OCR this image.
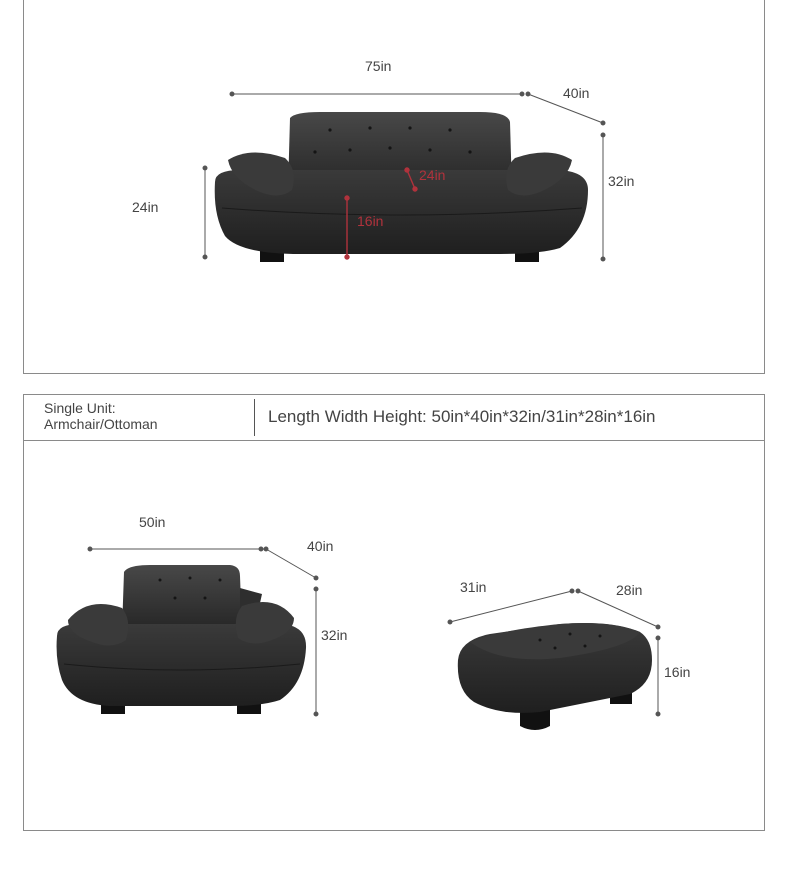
Single Unit:
Armchair/Ottoman	Length Width Height: 50in*40in*32in/31in*28in*16in
75in
40in
32in
24in
24in
16in
50in
40in
32in
31in	28in
16in
